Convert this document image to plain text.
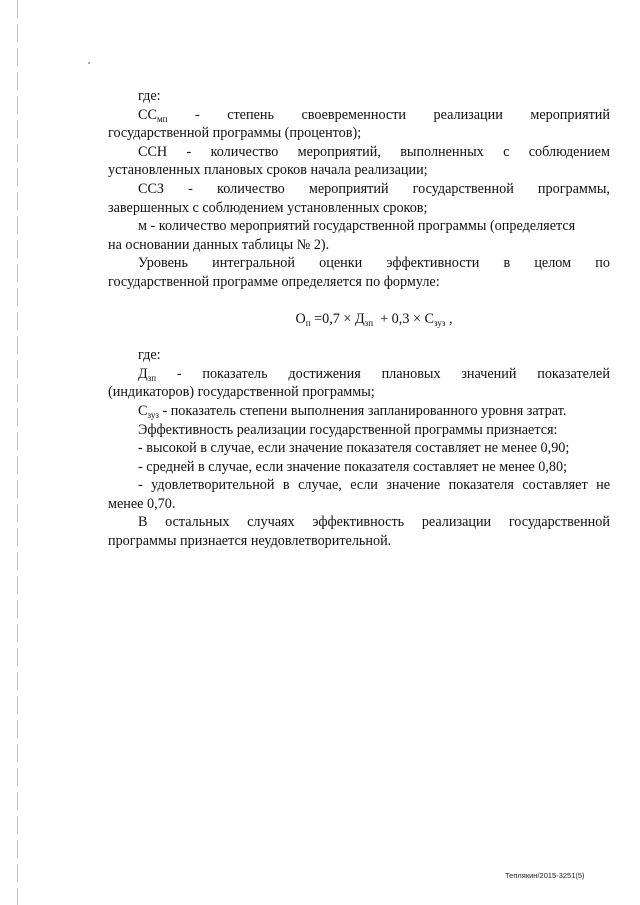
где:
$СС_{мп}$ - степень своевременности реализации мероприятий
государственной программы (процентов);
ССН - количество мероприятий, выполненных с соблюдением
установленных плановых сроков начала реализации;
ССЗ - количество мероприятий государственной программы,
завершенных с соблюдением установленных сроков;
м - количество мероприятий государственной программы (определяется
на основании данных таблицы № 2).
Уровень интегральной оценки эффективности в целом по
государственной программе определяется по формуле:
$О_п =0,7 \times Д_{зп} + 0,3 \times С_{зуз}$ ,
где:
$Д_{зп}$ - показатель достижения плановых значений показателей
(индикаторов) государственной программы;
$С_{зуз}$ - показатель степени выполнения запланированного уровня затрат.
Эффективность реализации государственной программы признается:
- высокой в случае, если значение показателя составляет не менее 0,90;
- средней в случае, если значение показателя составляет не менее 0,80;
- удовлетворительной в случае, если значение показателя составляет не
менее 0,70.
В остальных случаях эффективность реализации государственной
программы признается неудовлетворительной.
Теплякин/2015-3251(5)
